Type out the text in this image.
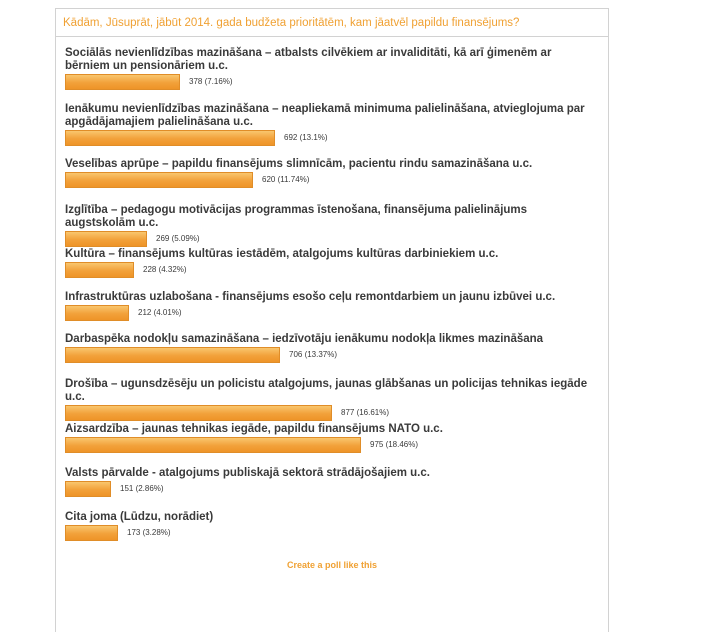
Kādām, Jūsuprāt, jābūt 2014. gada budžeta prioritātēm, kam jāatvēl papildu finansējums?
Sociālās nevienlīdzības mazināšana – atbalsts cilvēkiem ar invaliditāti, kā arī ģimenēm ar bērniem un pensionāriem u.c.
378 (7.16%)
Ienākumu nevienlīdzības mazināšana – neapliekamā minimuma palielināšana, atvieglojuma par apgādājamajiem palielināšana u.c.
692 (13.1%)
Veselības aprūpe – papildu finansējums slimnīcām, pacientu rindu samazināšana u.c.
620 (11.74%)
Izglītība – pedagogu motivācijas programmas īstenošana, finansējuma palielinājums augstskolām u.c.
269 (5.09%)
Kultūra – finansējums kultūras iestādēm, atalgojums kultūras darbiniekiem u.c.
228 (4.32%)
Infrastruktūras uzlabošana - finansējums esošo ceļu remontdarbiem un jaunu izbūvei u.c.
212 (4.01%)
Darbaspēka nodokļu samazināšana – iedzīvotāju ienākumu nodokļa likmes mazināšana
706 (13.37%)
Drošība – ugunsdzēsēju un policistu atalgojums, jaunas glābšanas un policijas tehnikas iegāde u.c.
877 (16.61%)
Aizsardzība – jaunas tehnikas iegāde, papildu finansējums NATO u.c.
975 (18.46%)
Valsts pārvalde - atalgojums publiskajā sektorā strādājošajiem u.c.
151 (2.86%)
Cita joma (Lūdzu, norādiet)
173 (3.28%)
Create a poll like this
